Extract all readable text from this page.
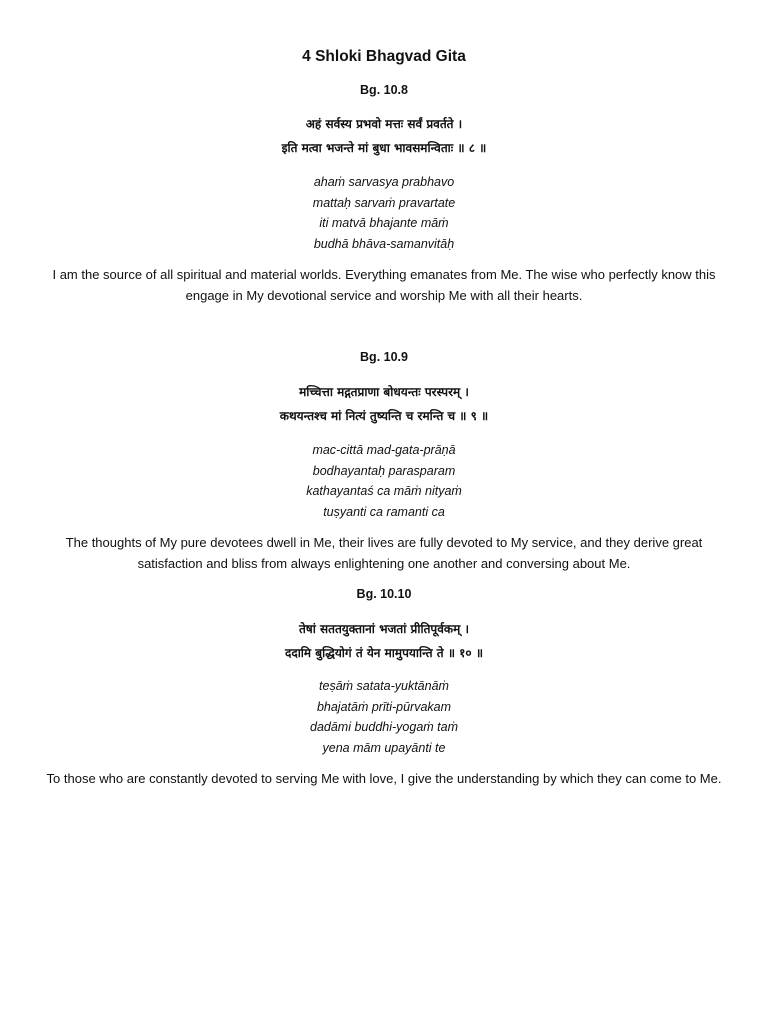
4 Shloki Bhagvad Gita
Bg. 10.8
अहं सर्वस्य प्रभवो मत्तः सर्वं प्रवर्तते ।
इति मत्वा भजन्ते मां बुधा भावसमन्विताः ॥ ८ ॥
ahaṁ sarvasya prabhavo
mattaḥ sarvaṁ pravartate
iti matvā bhajante māṁ
budhā bhāva-samanvitāḥ
I am the source of all spiritual and material worlds. Everything emanates from Me. The wise who perfectly know this engage in My devotional service and worship Me with all their hearts.
Bg. 10.9
मच्चित्ता मद्गतप्राणा बोधयन्तः परस्परम् ।
कथयन्तश्च मां नित्यं तुष्यन्ति च रमन्ति च ॥ ९ ॥
mac-cittā mad-gata-prāṇā
bodhayantaḥ parasparam
kathayantaś ca māṁ nityaṁ
tuṣyanti ca ramanti ca
The thoughts of My pure devotees dwell in Me, their lives are fully devoted to My service, and they derive great satisfaction and bliss from always enlightening one another and conversing about Me.
Bg. 10.10
तेषां सततयुक्तानां भजतां प्रीतिपूर्वकम् ।
ददामि बुद्धियोगं तं येन मामुपयान्ति ते ॥ १० ॥
teṣāṁ satata-yuktānāṁ
bhajatāṁ prīti-pūrvakam
dadāmi buddhi-yogaṁ taṁ
yena mām upayānti te
To those who are constantly devoted to serving Me with love, I give the understanding by which they can come to Me.
